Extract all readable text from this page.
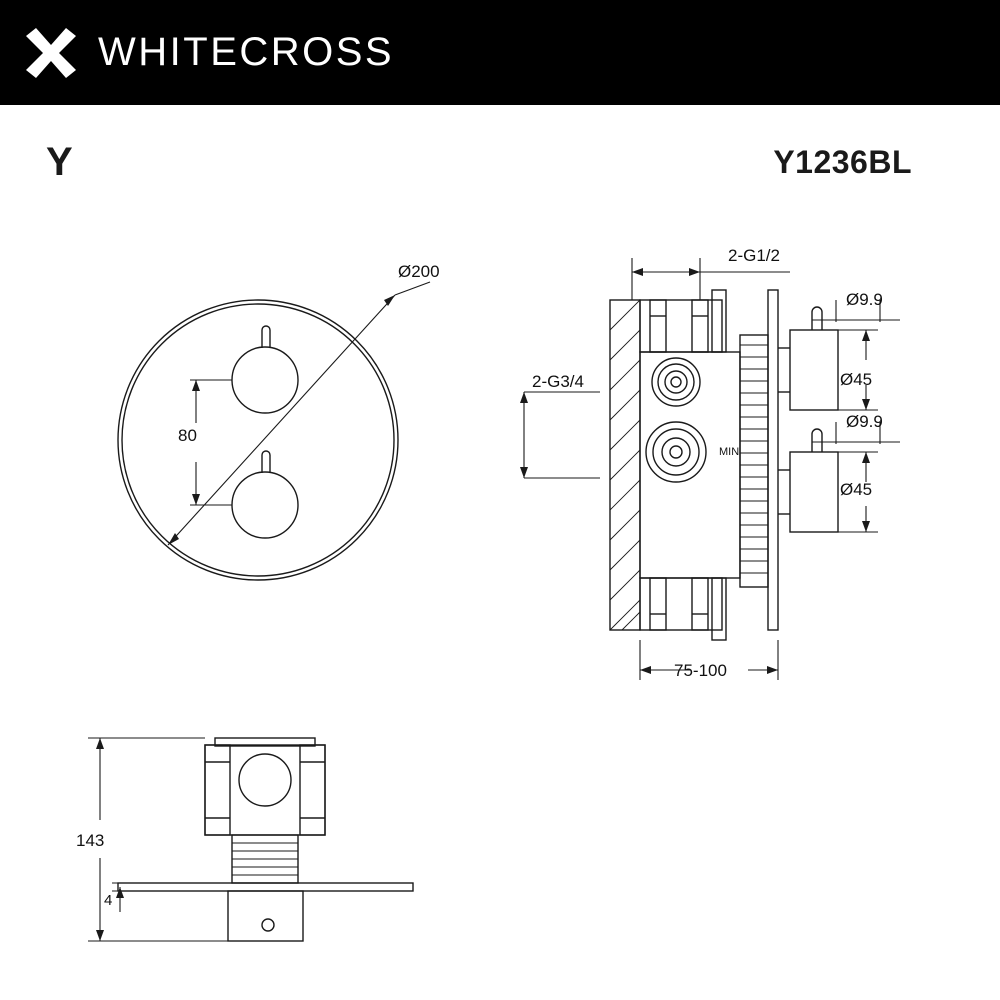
WHITECROSS
Y	Y1236BL
Ø200
80
2-G1/2
2-G3/4
Ø9.9
Ø45
Ø9.9
Ø45
75-100
MIN
143
4
